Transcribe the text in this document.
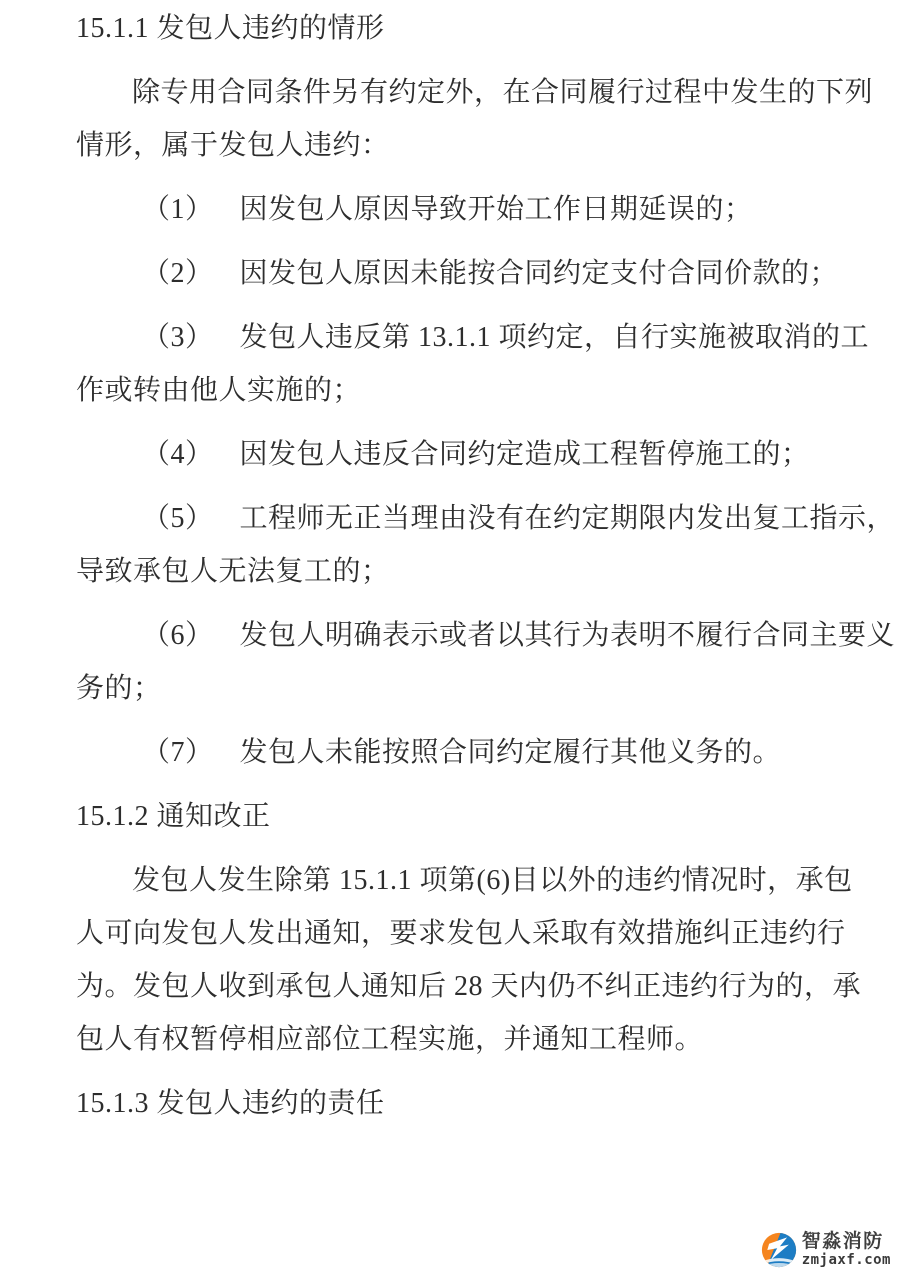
15.1.1 发包人违约的情形
除专用合同条件另有约定外，在合同履行过程中发生的下列
情形，属于发包人违约：
（1） 因发包人原因导致开始工作日期延误的；
（2） 因发包人原因未能按合同约定支付合同价款的；
（3） 发包人违反第 13.1.1 项约定，自行实施被取消的工
作或转由他人实施的；
（4） 因发包人违反合同约定造成工程暂停施工的；
（5） 工程师无正当理由没有在约定期限内发出复工指示，
导致承包人无法复工的；
（6） 发包人明确表示或者以其行为表明不履行合同主要义
务的；
（7） 发包人未能按照合同约定履行其他义务的。
15.1.2 通知改正
发包人发生除第 15.1.1 项第(6)目以外的违约情况时，承包
人可向发包人发出通知，要求发包人采取有效措施纠正违约行
为。发包人收到承包人通知后 28 天内仍不纠正违约行为的，承
包人有权暂停相应部位工程实施，并通知工程师。
15.1.3 发包人违约的责任
智淼消防
zmjaxf.com
